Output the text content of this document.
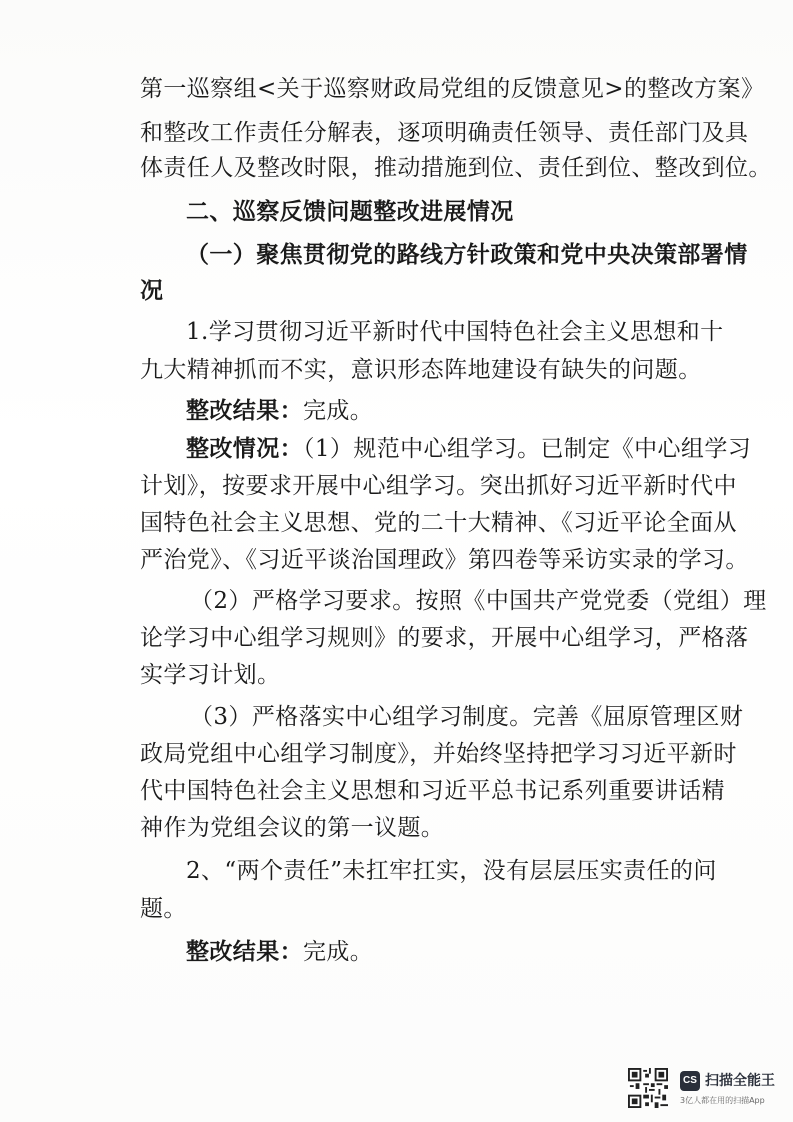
第一巡察组<关于巡察财政局党组的反馈意见>的整改方案》
和整改工作责任分解表，逐项明确责任领导、责任部门及具
体责任人及整改时限，推动措施到位、责任到位、整改到位。
二、巡察反馈问题整改进展情况
（一）聚焦贯彻党的路线方针政策和党中央决策部署情
况
1.学习贯彻习近平新时代中国特色社会主义思想和十
九大精神抓而不实，意识形态阵地建设有缺失的问题。
整改结果：完成。
整改情况：（1）规范中心组学习。已制定《中心组学习
计划》，按要求开展中心组学习。突出抓好习近平新时代中
国特色社会主义思想、党的二十大精神、《习近平论全面从
严治党》、《习近平谈治国理政》第四卷等采访实录的学习。
（2）严格学习要求。按照《中国共产党党委（党组）理
论学习中心组学习规则》的要求，开展中心组学习，严格落
实学习计划。
（3）严格落实中心组学习制度。完善《屈原管理区财
政局党组中心组学习制度》，并始终坚持把学习习近平新时
代中国特色社会主义思想和习近平总书记系列重要讲话精
神作为党组会议的第一议题。
2、“两个责任”未扛牢扛实，没有层层压实责任的问
题。
整改结果：完成。
CS 扫描全能王
3亿人都在用的扫描App
